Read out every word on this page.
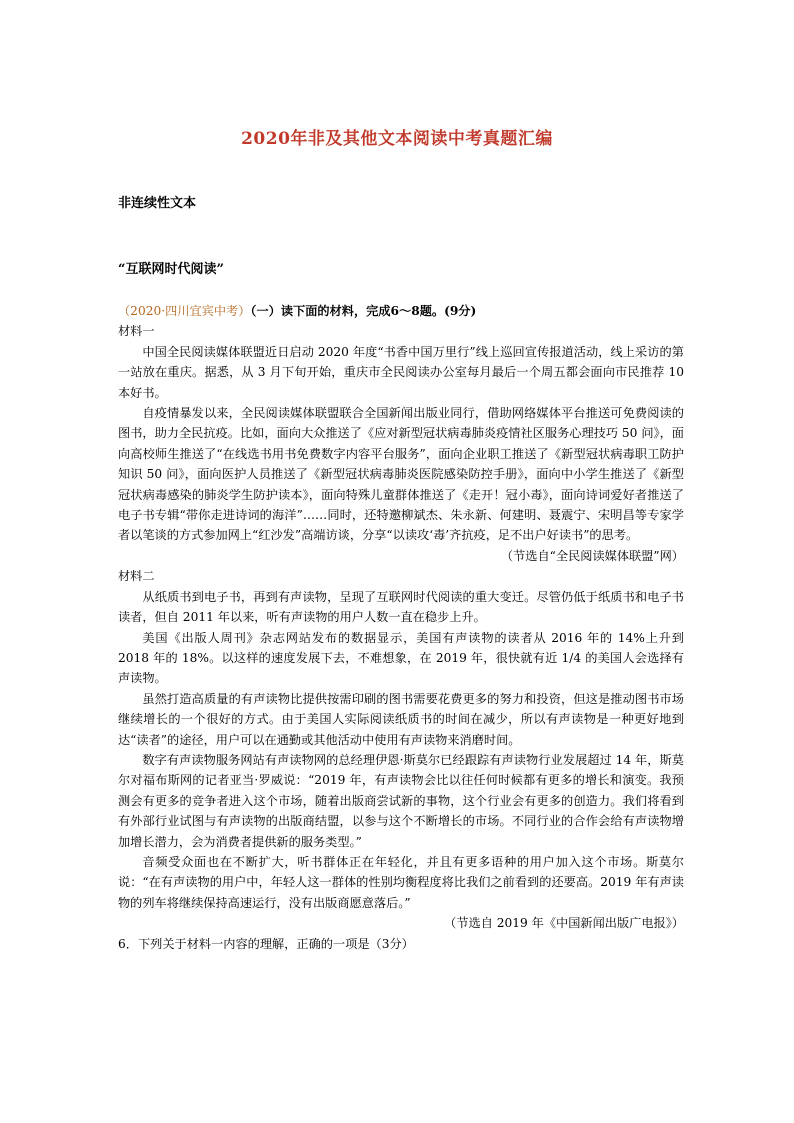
2020年非及其他文本阅读中考真题汇编
非连续性文本
“互联网时代阅读”

（2020·四川宜宾中考）（一）读下面的材料，完成6～8题。(9分)

材料一

中国全民阅读媒体联盟近日启动 2020 年度“书香中国万里行”线上巡回宣传报道活动，线上采访的第一站放在重庆。据悉，从 3 月下旬开始，重庆市全民阅读办公室每月最后一个周五都会面向市民推荐 10 本好书。

自疫情暴发以来，全民阅读媒体联盟联合全国新闻出版业同行，借助网络媒体平台推送可免费阅读的图书，助力全民抗疫。比如，面向大众推送了《应对新型冠状病毒肺炎疫情社区服务心理技巧 50 问》，面向高校师生推送了“在线选书用书免费数字内容平台服务”，面向企业职工推送了《新型冠状病毒职工防护知识 50 问》，面向医护人员推送了《新型冠状病毒肺炎医院感染防控手册》，面向中小学生推送了《新型冠状病毒感染的肺炎学生防护读本》，面向特殊儿童群体推送了《走开！冠小毒》，面向诗词爱好者推送了电子书专辑“带你走进诗词的海洋”……同时，还特邀柳斌杰、朱永新、何建明、聂震宁、宋明昌等专家学者以笔谈的方式参加网上“红沙发”高端访谈，分享“以读攻‘毒’齐抗疫，足不出户好读书”的思考。

（节选自“全民阅读媒体联盟”网）

材料二

从纸质书到电子书，再到有声读物，呈现了互联网时代阅读的重大变迁。尽管仍低于纸质书和电子书读者，但自 2011 年以来，听有声读物的用户人数一直在稳步上升。

美国《出版人周刊》杂志网站发布的数据显示，美国有声读物的读者从 2016 年的 14%上升到 2018 年的 18%。以这样的速度发展下去，不难想象，在 2019 年，很快就有近 1/4 的美国人会选择有声读物。

虽然打造高质量的有声读物比提供按需印刷的图书需要花费更多的努力和投资，但这是推动图书市场继续增长的一个很好的方式。由于美国人实际阅读纸质书的时间在减少，所以有声读物是一种更好地到达“读者”的途径，用户可以在通勤或其他活动中使用有声读物来消磨时间。

数字有声读物服务网站有声读物网的总经理伊恩·斯莫尔已经跟踪有声读物行业发展超过 14 年，斯莫尔对福布斯网的记者亚当·罗威说：“2019 年，有声读物会比以往任何时候都有更多的增长和演变。我预测会有更多的竞争者进入这个市场，随着出版商尝试新的事物，这个行业会有更多的创造力。我们将看到有外部行业试图与有声读物的出版商结盟，以参与这个不断增长的市场。不同行业的合作会给有声读物增加增长潜力，会为消费者提供新的服务类型。”

音频受众面也在不断扩大，听书群体正在年轻化，并且有更多语种的用户加入这个市场。斯莫尔说：“在有声读物的用户中，年轻人这一群体的性别均衡程度将比我们之前看到的还要高。2019 年有声读物的列车将继续保持高速运行，没有出版商愿意落后。”

（节选自 2019 年《中国新闻出版广电报》）

6．下列关于材料一内容的理解，正确的一项是（3分）
